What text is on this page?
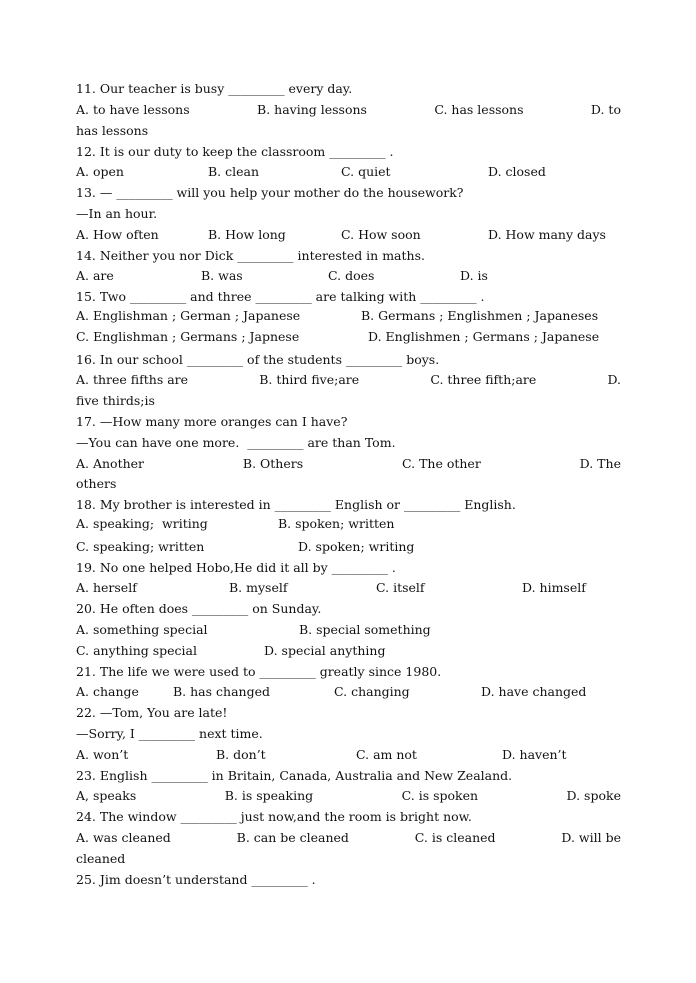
11. Our teacher is busy _________ every day.
A. to have lessons	B. having lessons	C. has lessons	D. to
has lessons
12. It is our duty to keep the classroom _________ .
A. open	B. clean	C. quiet	D. closed
13. — _________ will you help your mother do the housework?
—In an hour.
A. How often	B. How long	C. How soon	D. How many days
14. Neither you nor Dick _________ interested in maths.
A. are	B. was	C. does	D. is
15. Two _________ and three _________ are talking with _________ .
A. Englishman ; German ; Japanese	B. Germans ; Englishmen ; Japaneses
C. Englishman ; Germans ; Japnese	D. Englishmen ; Germans ; Japanese
16. In our school _________ of the students _________ boys.
A. three fifths are	B. third five;are	C. three fifth;are	D.
five thirds;is
17. —How many more oranges can I have?
—You can have one more.  _________ are than Tom.
A. Another	B. Others	C. The other	D. The
others
18. My brother is interested in _________ English or _________ English.
A. speaking;  writing	B. spoken; written
C. speaking; written	D. spoken; writing
19. No one helped Hobo,He did it all by _________ .
A. herself	B. myself	C. itself	D. himself
20. He often does _________ on Sunday.
A. something special	B. special something
C. anything special	D. special anything
21. The life we were used to _________ greatly since 1980.
A. change	B. has changed	C. changing	D. have changed
22. —Tom, You are late!
—Sorry, I _________ next time.
A. won’t	B. don’t	C. am not	D. haven’t
23. English _________ in Britain, Canada, Australia and New Zealand.
A, speaks	B. is speaking	C. is spoken	D. spoke
24. The window _________ just now,and the room is bright now.
A. was cleaned	B. can be cleaned	C. is cleaned	D. will be
cleaned
25. Jim doesn’t understand _________ .
